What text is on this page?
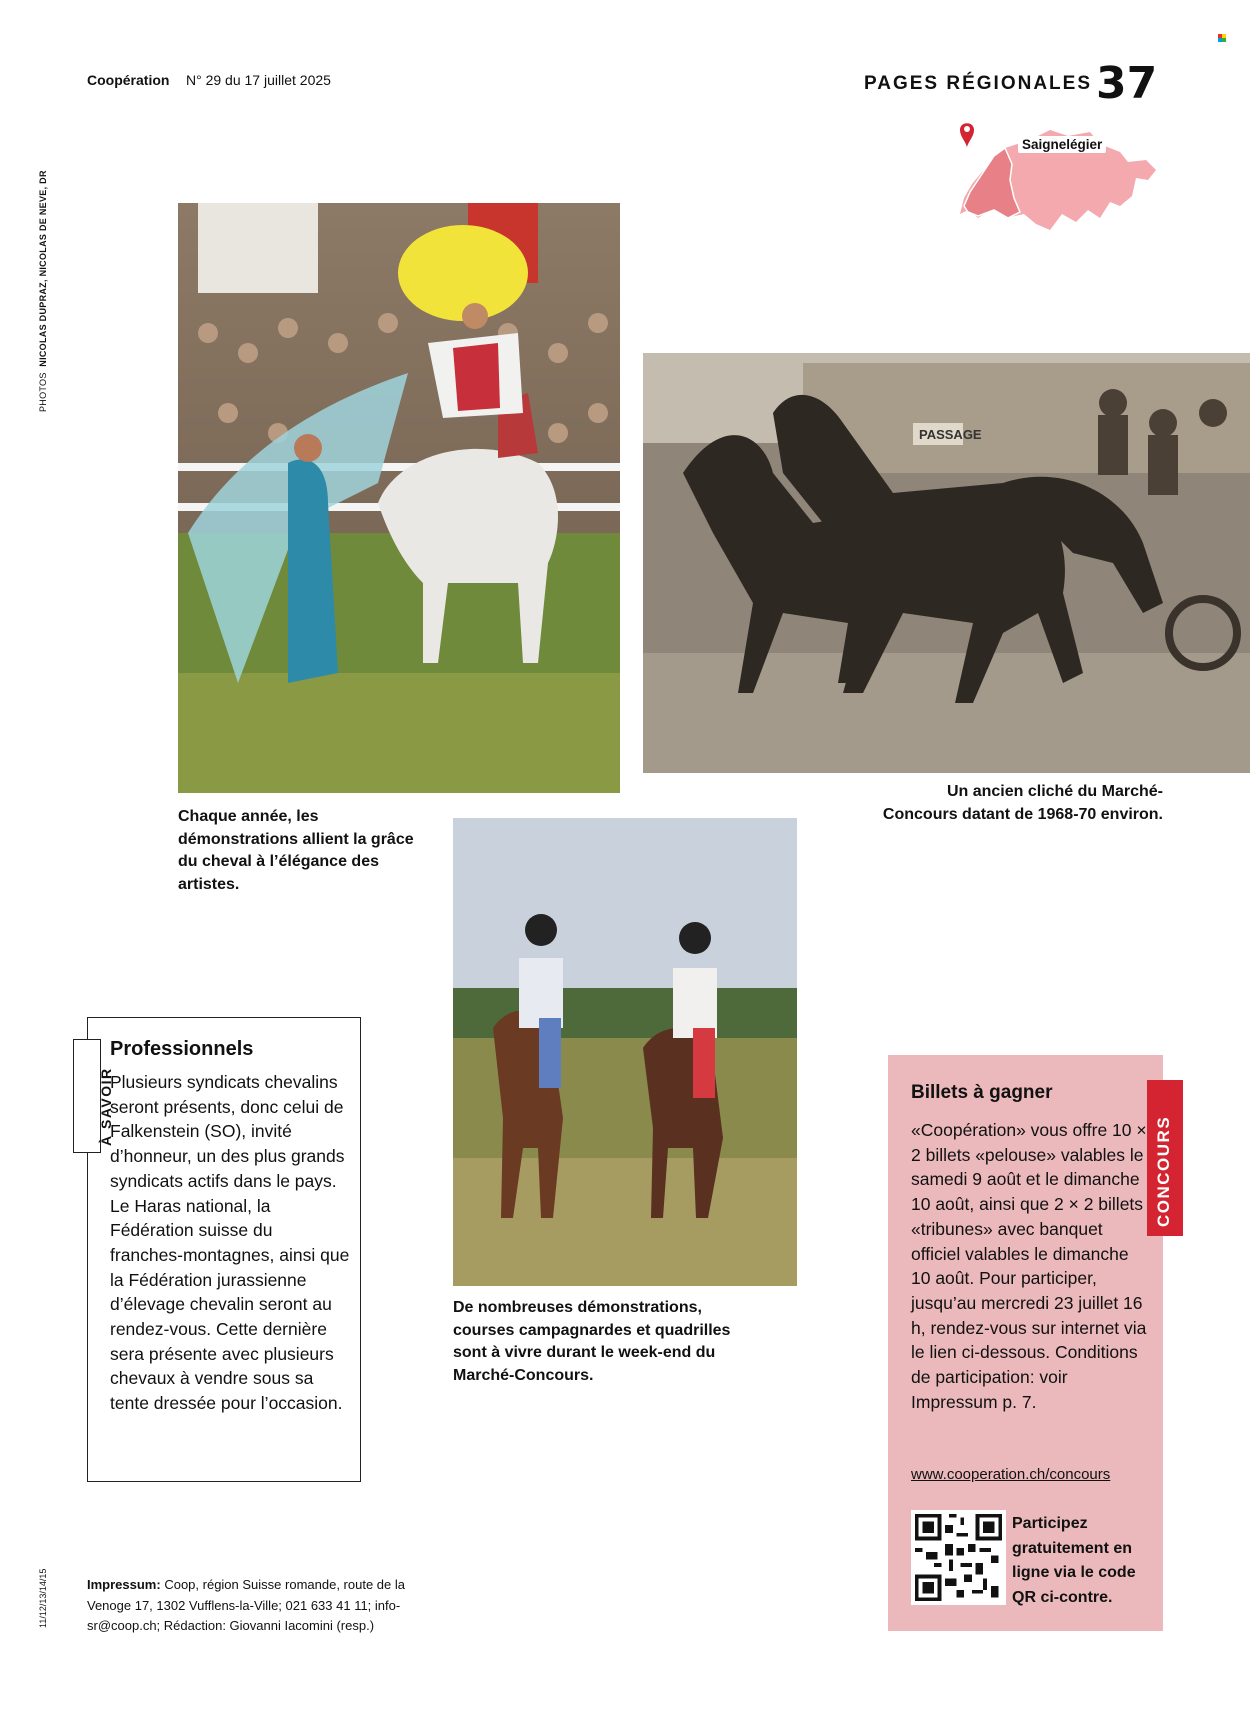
Coopération N° 29 du 17 juillet 2025	PAGES RÉGIONALES 37
PHOTOS  NICOLAS DUPRAZ, NICOLAS DE NEVE, DR
11/12/13/14/15
Saignelégier
PASSAGE
Chaque année, les démonstrations allient la grâce du cheval à l’élégance des artistes.
Un ancien cliché du Marché-Concours datant de 1968-70 environ.
De nombreuses démonstrations, courses campagnardes et quadrilles sont à vivre durant le week-end du Marché-Concours.
À SAVOIR
Professionnels
Plusieurs syndicats chevalins seront présents, donc celui de Falkenstein (SO), invité d’honneur, un des plus grands syndicats actifs dans le pays. Le Haras national, la Fédération suisse du franches-montagnes, ainsi que la Fédération jurassienne d’élevage chevalin seront au rendez-vous. Cette dernière sera présente avec plusieurs chevaux à vendre sous sa tente dressée pour l’occasion.
CONCOURS
Billets à gagner
«Coopération» vous offre 10 × 2 billets «pelouse» valables le samedi 9 août et le dimanche 10 août, ainsi que 2 × 2 billets «tribunes» avec banquet officiel valables le dimanche 10 août. Pour participer, jusqu’au mercredi 23 juillet 16 h, rendez-vous sur internet via le lien ci-dessous. Conditions de participation: voir Impressum p. 7.
www.cooperation.ch/concours
Participez gratuitement en ligne via le code QR ci-contre.
Impressum: Coop, région Suisse romande, route de la Venoge 17, 1302 Vufflens-la-Ville; 021 633 41 11; info-sr@coop.ch; Rédaction: Giovanni Iacomini (resp.)
